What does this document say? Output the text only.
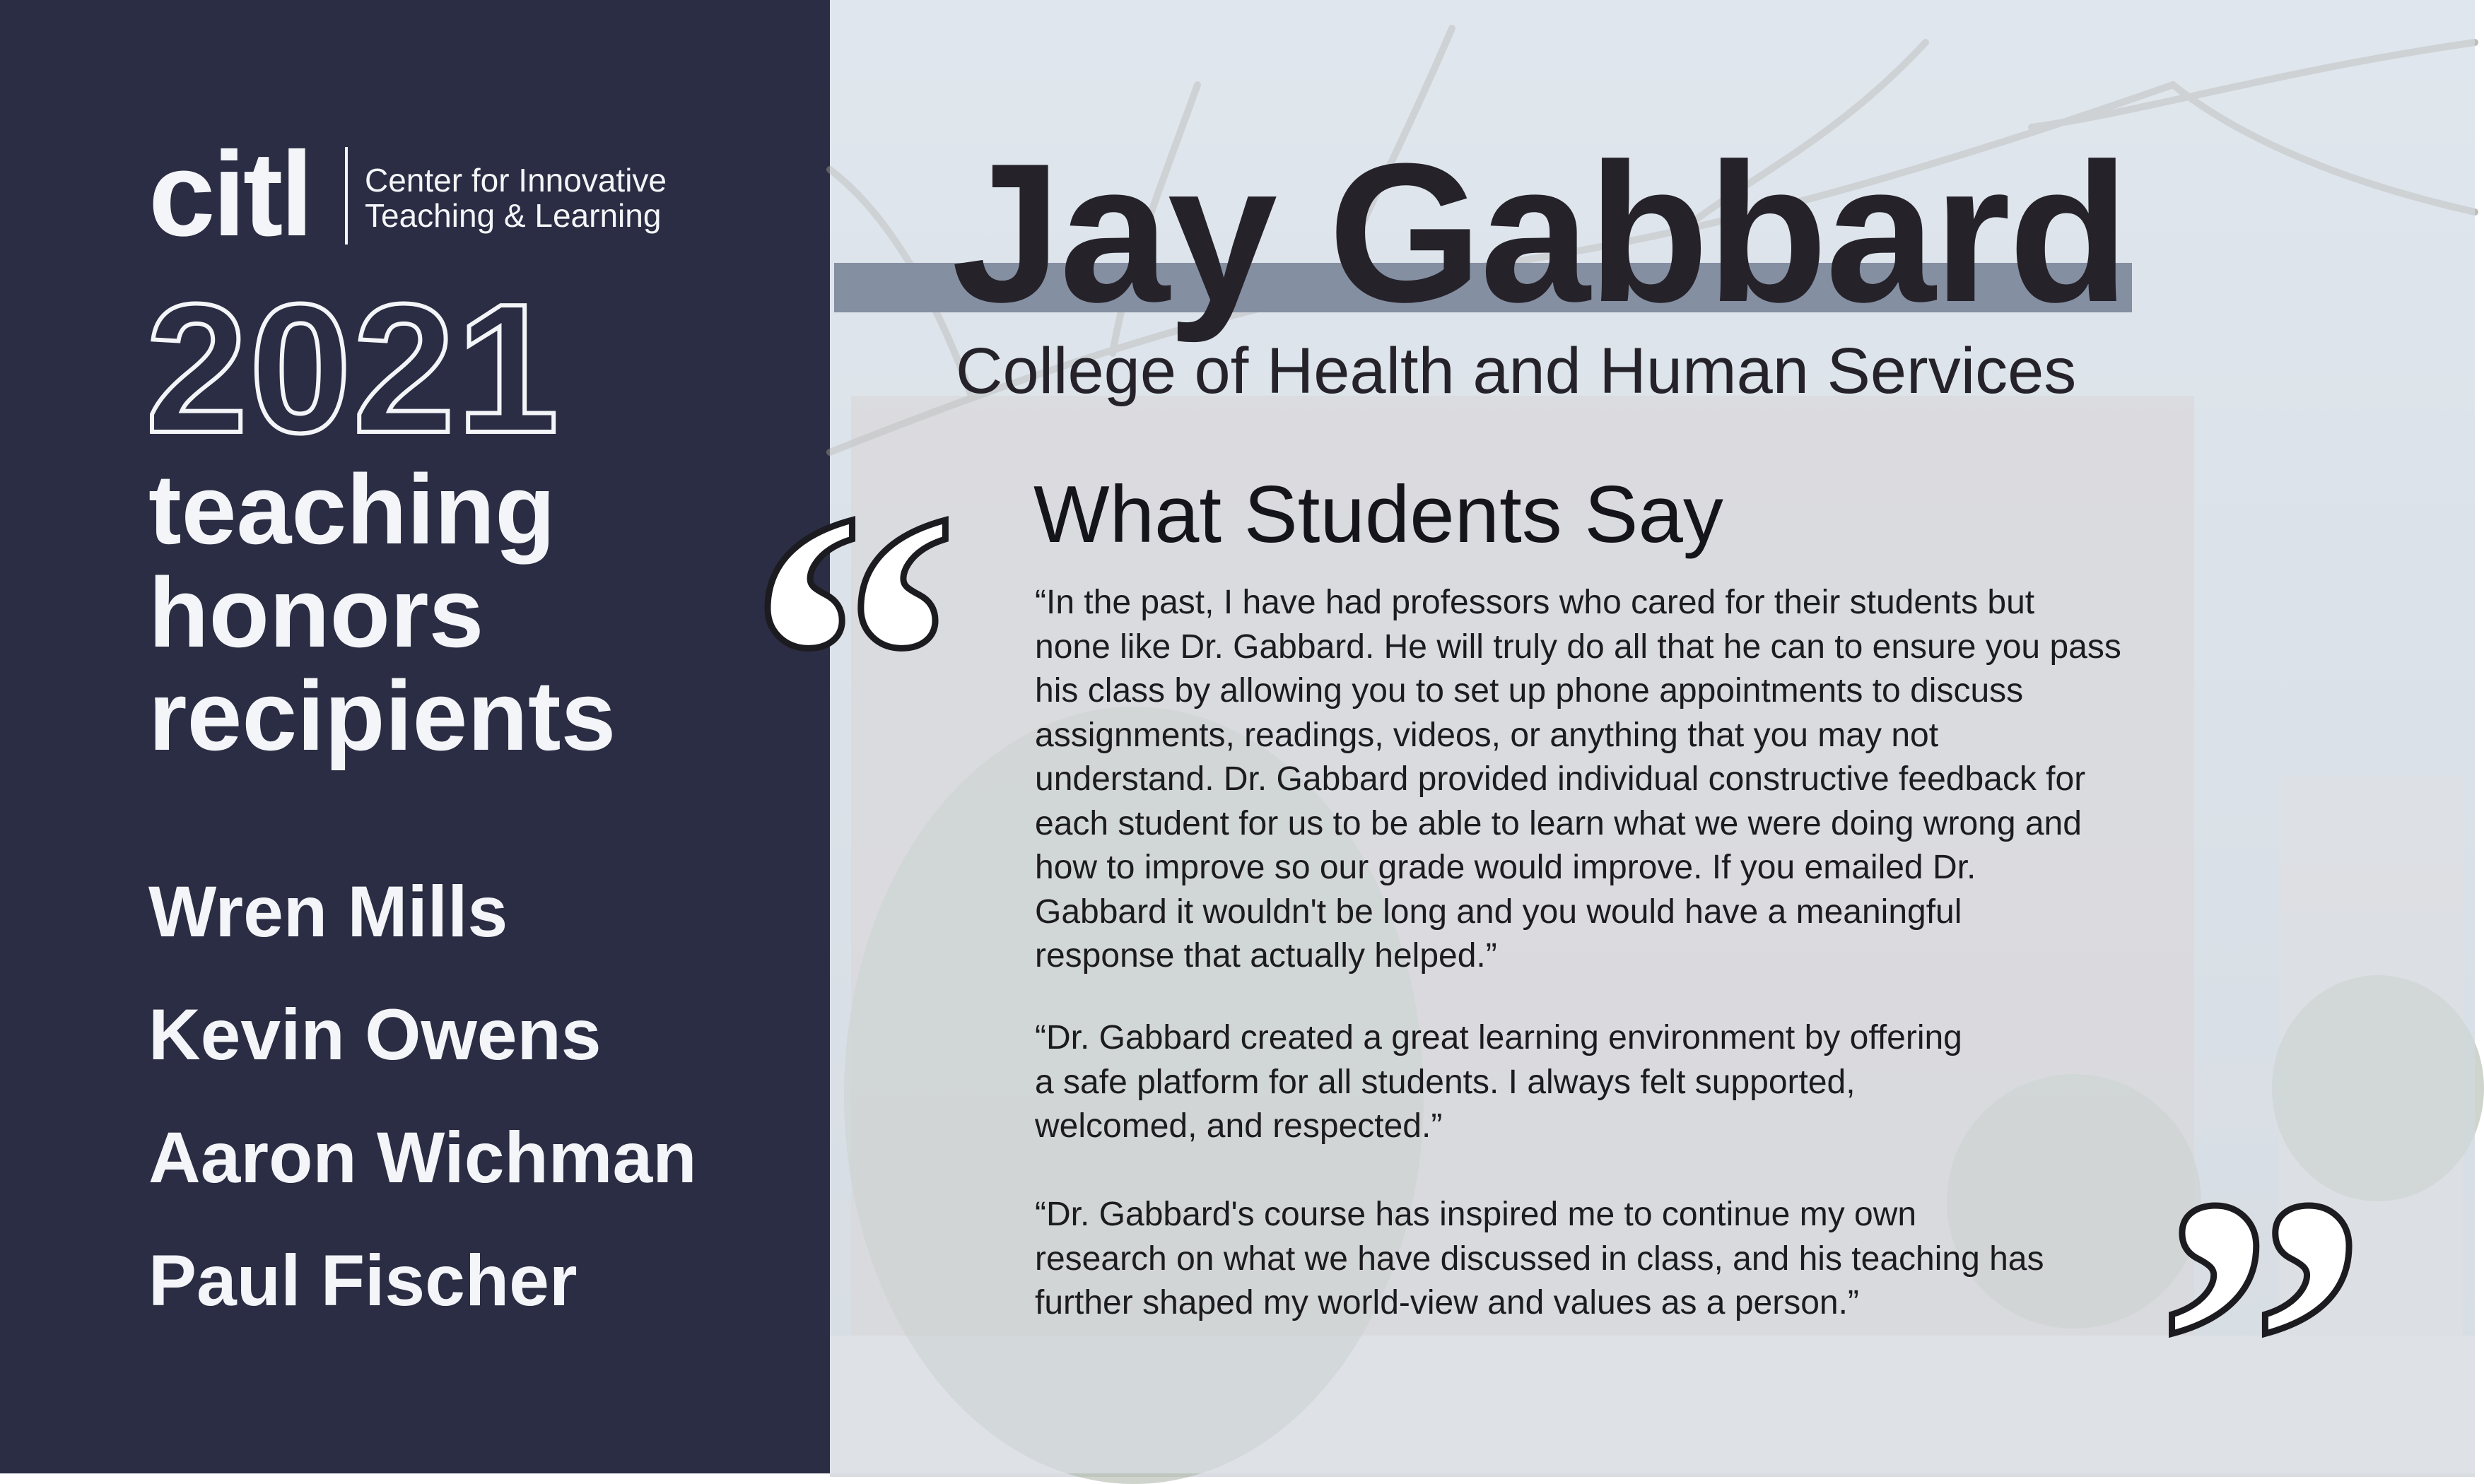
citl Center for Innovative
Teaching & Learning
2021
teaching
honors
recipients
Wren Mills
Kevin Owens
Aaron Wichman
Paul Fischer
Jay Gabbard
College of Health and Human Services
“ What Students Say
“In the past, I have had professors who cared for their students but
none like Dr. Gabbard. He will truly do all that he can to ensure you pass
his class by allowing you to set up phone appointments to discuss
assignments, readings, videos, or anything that you may not
understand. Dr. Gabbard provided individual constructive feedback for
each student for us to be able to learn what we were doing wrong and
how to improve so our grade would improve. If you emailed Dr.
Gabbard it wouldn't be long and you would have a meaningful
response that actually helped.”
“Dr. Gabbard created a great learning environment by offering
a safe platform for all students. I always felt supported,
welcomed, and respected.”
“Dr. Gabbard's course has inspired me to continue my own
research on what we have discussed in class, and his teaching has
further shaped my world-view and values as a person.” ”
